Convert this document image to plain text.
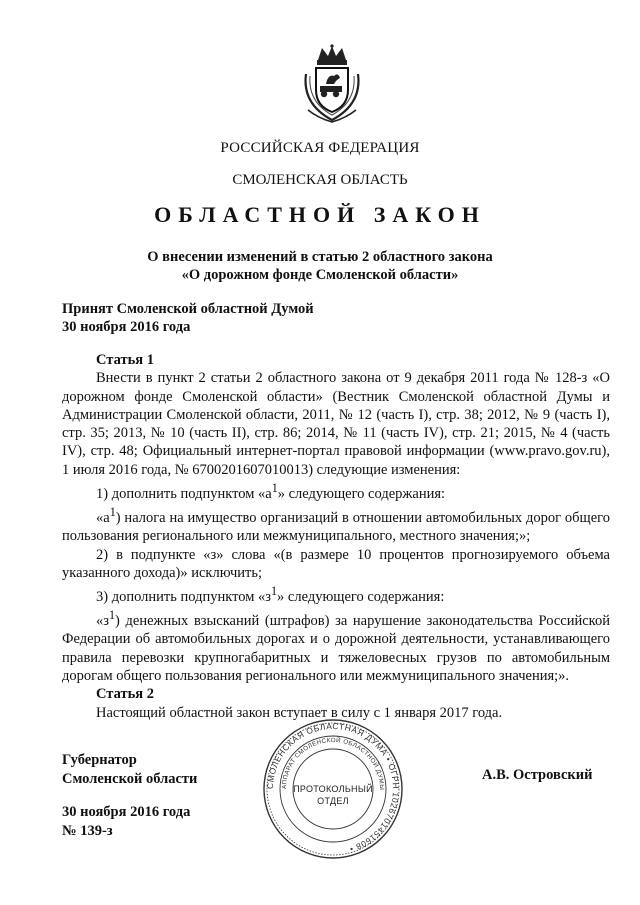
РОССИЙСКАЯ ФЕДЕРАЦИЯ
СМОЛЕНСКАЯ ОБЛАСТЬ
ОБЛАСТНОЙ ЗАКОН
О внесении изменений в статью 2 областного закона
«О дорожном фонде Смоленской области»
Принят Смоленской областной Думой
30 ноября 2016 года

Статья 1

Внести в пункт 2 статьи 2 областного закона от 9 декабря 2011 года № 128-з «О дорожном фонде Смоленской области» (Вестник Смоленской областной Думы и Администрации Смоленской области, 2011, № 12 (часть I), стр. 38; 2012, № 9 (часть I), стр. 35; 2013, № 10 (часть II), стр. 86; 2014, № 11 (часть IV), стр. 21; 2015, № 4 (часть IV), стр. 48; Официальный интернет-портал правовой информации (www.pravo.gov.ru), 1 июля 2016 года, № 6700201607010013) следующие изменения:

1) дополнить подпунктом «$а^1$» следующего содержания:

«$а^1$) налога на имущество организаций в отношении автомобильных дорог общего пользования регионального или межмуниципального, местного значения;»;

2) в подпункте «з» слова «(в размере 10 процентов прогнозируемого объема указанного дохода)» исключить;

3) дополнить подпунктом «$з^1$» следующего содержания:

«$з^1$) денежных взысканий (штрафов) за нарушение законодательства Российской Федерации об автомобильных дорогах и о дорожной деятельности, устанавливающего правила перевозки крупногабаритных и тяжеловесных грузов по автомобильным дорогам общего пользования регионального или межмуниципального значения;».

Статья 2

Настоящий областной закон вступает в силу с 1 января 2017 года.

Губернатор
Смоленской области	А.В. Островский
30 ноября 2016 года
№ 139-з
СМОЛЕНСКАЯ ОБЛАСТНАЯ ДУМА • ОГРН 1026701451608 •
АППАРАТ СМОЛЕНСКОЙ ОБЛАСТНОЙ ДУМЫ
ПРОТОКОЛЬНЫЙ
ОТДЕЛ
